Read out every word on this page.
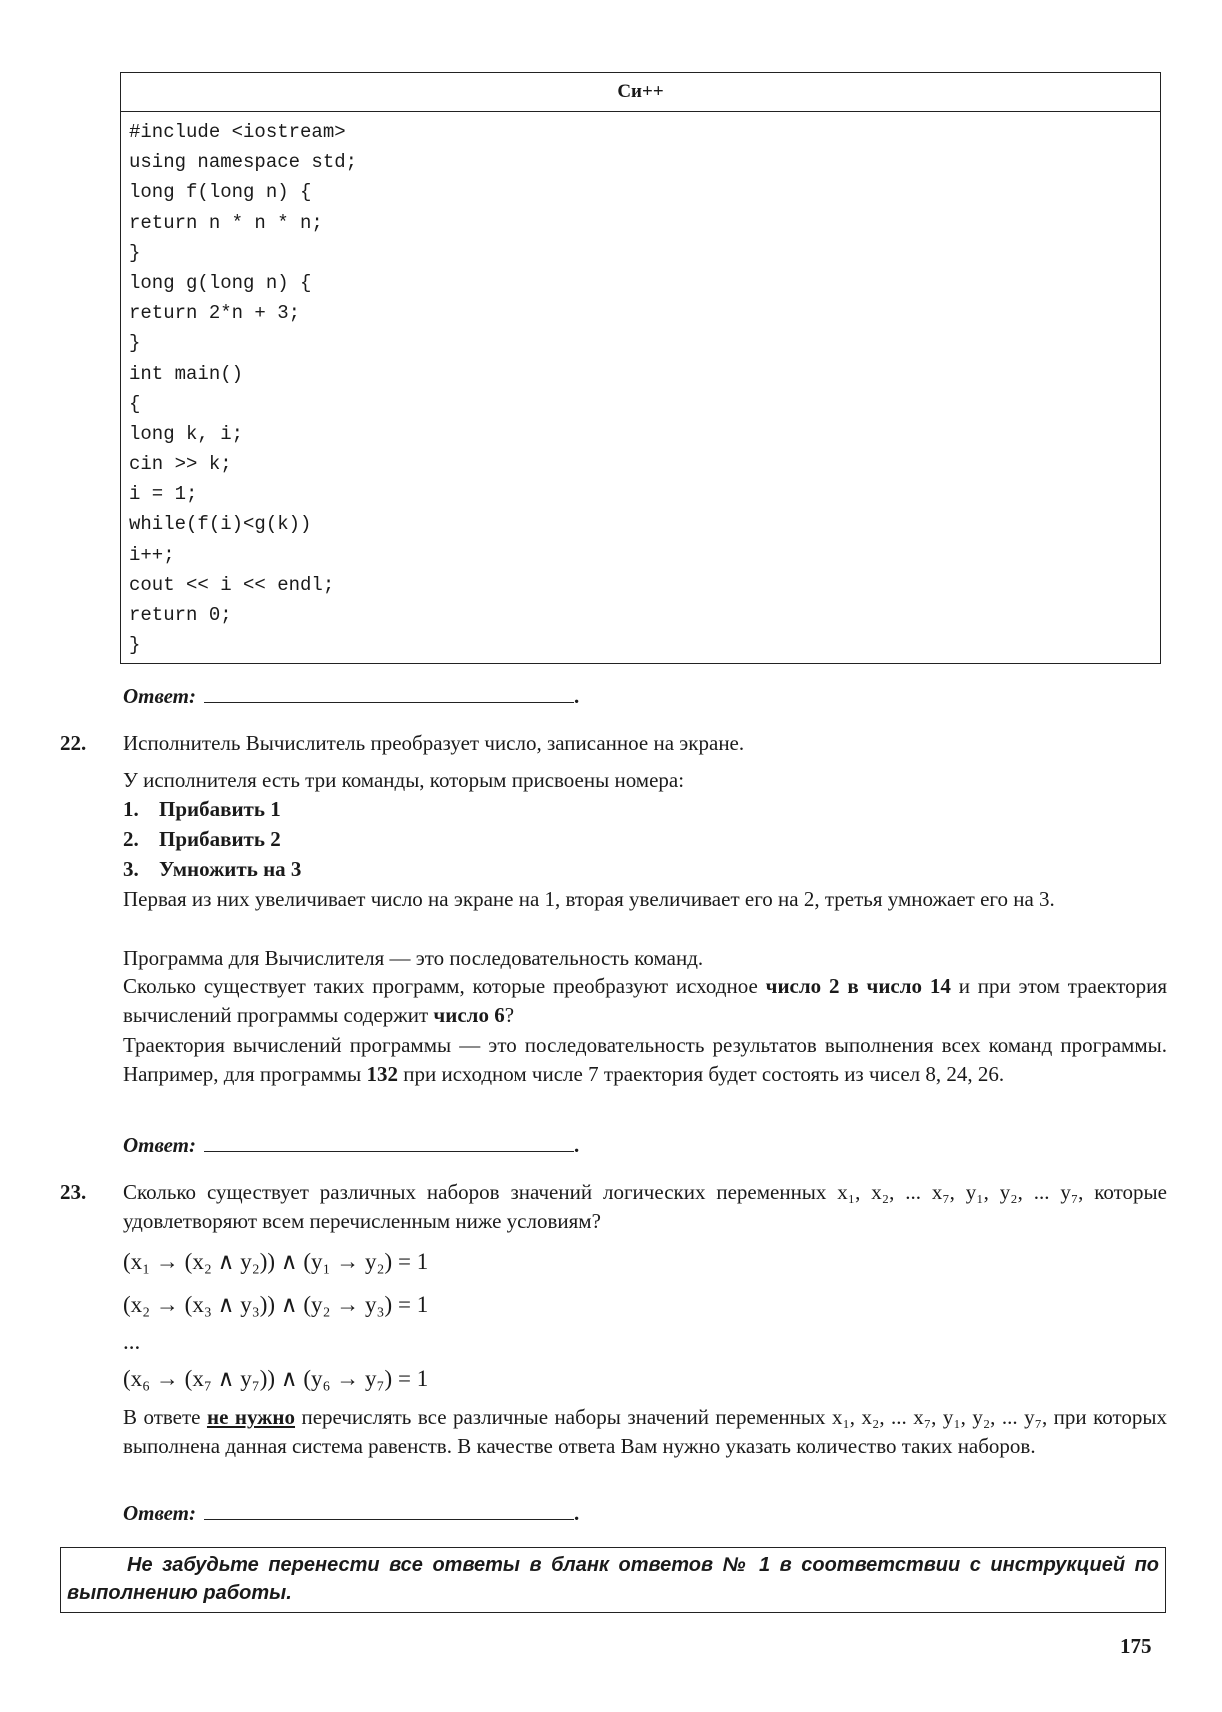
Си++
#include <iostream>
using namespace std;
long f(long n) {
return n * n * n;
}
long g(long n) {
return 2*n + 3;
}
int main()
{
long k, i;
cin >> k;
i = 1;
while(f(i)<g(k))
i++;
cout << i << endl;
return 0;
}
Ответ:	.
22. Исполнитель Вычислитель преобразует число, записанное на экране.
У исполнителя есть три команды, которым присвоены номера:
1. Прибавить 1
2. Прибавить 2
3. Умножить на 3
Первая из них увеличивает число на экране на 1, вторая увеличивает его на 2, третья умножает его на 3.
Программа для Вычислителя — это последовательность команд.
Сколько существует таких программ, которые преобразуют исходное число 2 в число 14 и при этом траектория вычислений программы содержит число 6?
Траектория вычислений программы — это последовательность результатов выполнения всех команд программы. Например, для программы 132 при исходном числе 7 траектория будет состоять из чисел 8, 24, 26.
Ответ:	.
23. Сколько существует различных наборов значений логических переменных x₁, x₂, ... x₇, y₁, y₂, ... y₇, которые удовлетворяют всем перечисленным ниже условиям?
(x₁ → (x₂ ∧ y₂)) ∧ (y₁ → y₂) = 1
(x₂ → (x₃ ∧ y₃)) ∧ (y₂ → y₃) = 1
...
(x₆ → (x₇ ∧ y₇)) ∧ (y₆ → y₇) = 1
В ответе не нужно перечислять все различные наборы значений переменных x₁, x₂, ... x₇, y₁, y₂, ... y₇, при которых выполнена данная система равенств. В качестве ответа Вам нужно указать количество таких наборов.
Ответ:	.
Не забудьте перенести все ответы в бланк ответов № 1 в соответствии с инструкцией по выполнению работы.
175
